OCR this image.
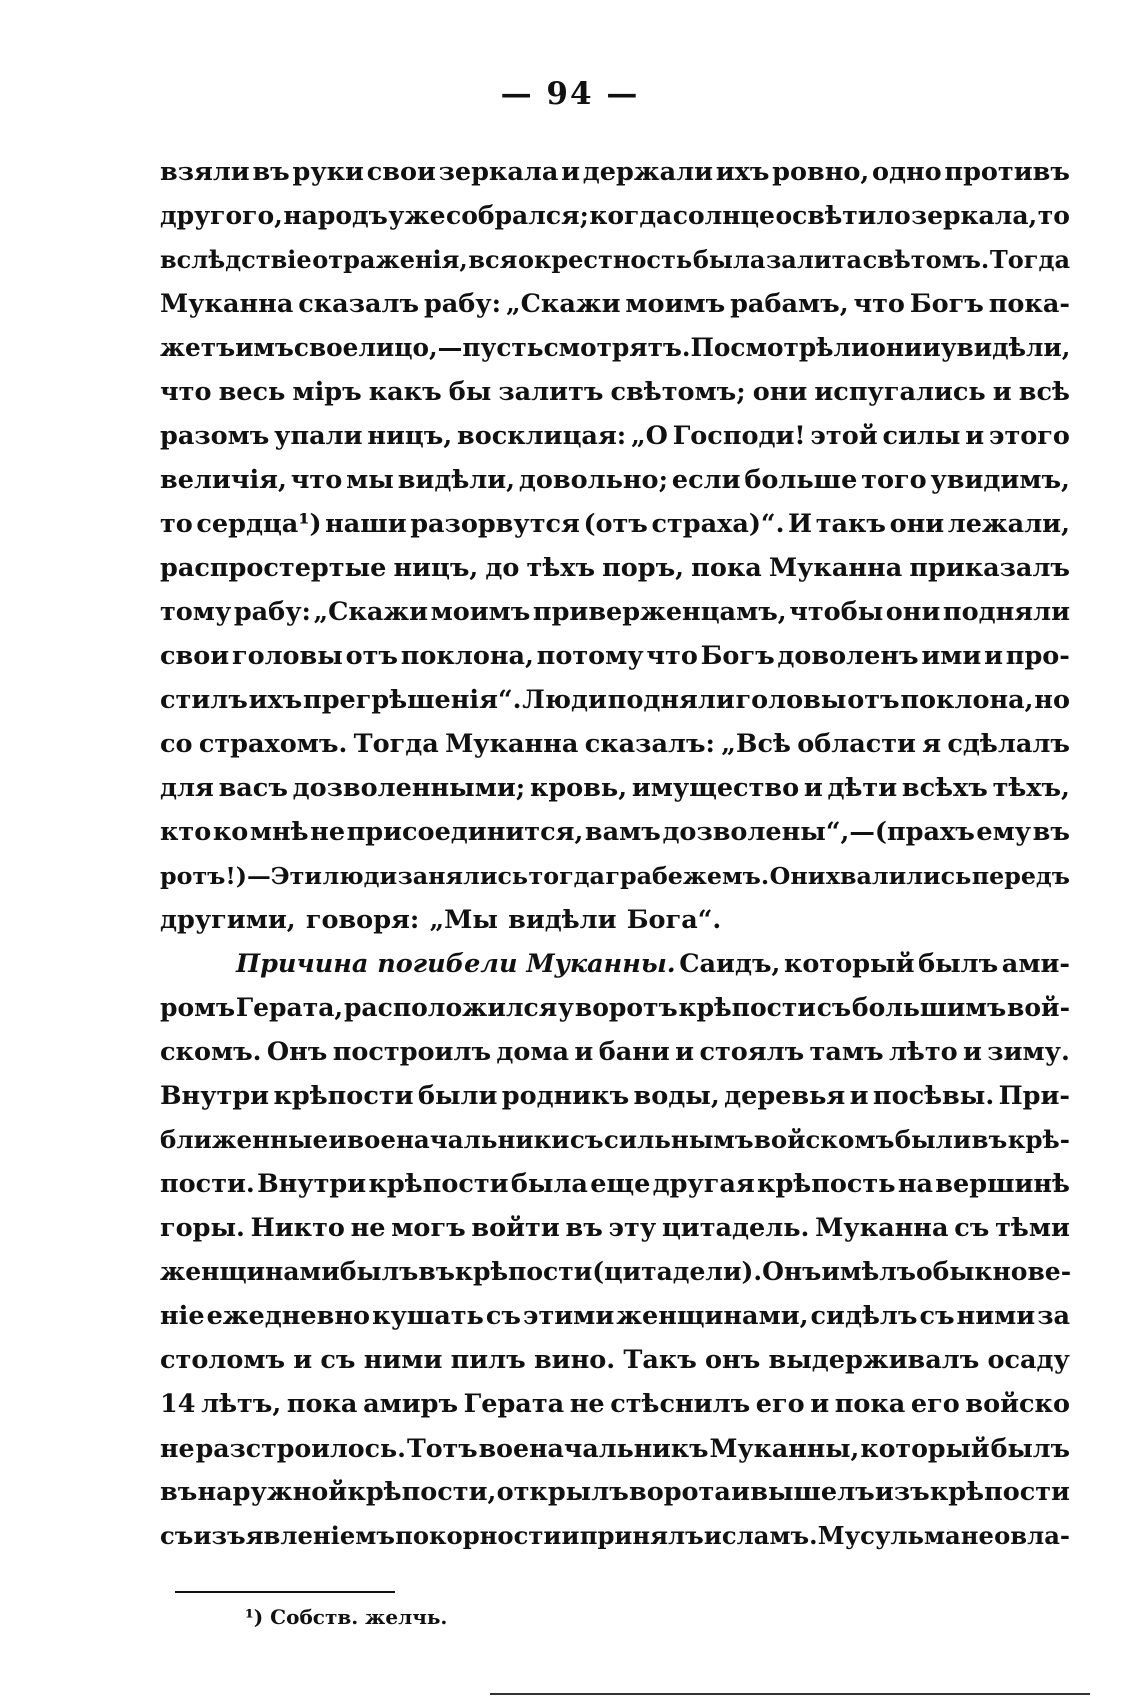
— 94 —
взяли въ руки свои зеркала и держали ихъ ровно, одно противъ
другого, народъ уже собрался; когда солнце освѣтило зеркала, то
вслѣдствіе отраженія, вся окрестность была залита свѣтомъ. Тогда
Муканна сказалъ рабу: „Скажи моимъ рабамъ, что Богъ пока-
жетъ имъ свое лицо,—пусть смотрятъ. Посмотрѣли они и увидѣли,
что весь міръ какъ бы залитъ свѣтомъ; они испугались и всѣ
разомъ упали ницъ, восклицая: „О Господи! этой силы и этого
величія, что мы видѣли, довольно; если больше того увидимъ,
то сердца¹) наши разорвутся (отъ страха)“. И такъ они лежали,
распростертые ницъ, до тѣхъ поръ, пока Муканна приказалъ
тому рабу: „Скажи моимъ приверженцамъ, чтобы они подняли
свои головы отъ поклона, потому что Богъ доволенъ ими и про-
стилъ ихъ прегрѣшенія“. Люди подняли головы отъ поклона, но
со страхомъ. Тогда Муканна сказалъ: „Всѣ области я сдѣлалъ
для васъ дозволенными; кровь, имущество и дѣти всѣхъ тѣхъ,
кто ко мнѣ не присоединится, вамъ дозволены“,—(прахъ ему въ
ротъ!)—Эти люди занялись тогда грабежемъ. Они хвалились передъ
другими, говоря: „Мы видѣли Бога“.
Причина погибели Муканны. Саидъ, который былъ ами-
ромъ Герата, расположился у воротъ крѣпости съ большимъ вой-
скомъ. Онъ построилъ дома и бани и стоялъ тамъ лѣто и зиму.
Внутри крѣпости были родникъ воды, деревья и посѣвы. При-
ближенные и военачальники съ сильнымъ войскомъ были въ крѣ-
пости. Внутри крѣпости была еще другая крѣпость на вершинѣ
горы. Никто не могъ войти въ эту цитадель. Муканна съ тѣми
женщинами былъ въ крѣпости (цитадели). Онъ имѣлъ обыкнове-
ніе ежедневно кушать съ этими женщинами, сидѣлъ съ ними за
столомъ и съ ними пилъ вино. Такъ онъ выдерживалъ осаду
14 лѣтъ, пока амиръ Герата не стѣснилъ его и пока его войско
не разстроилось. Тотъ военачальникъ Муканны, который былъ
въ наружной крѣпости, открылъ ворота и вышелъ изъ крѣпости
съ изъявленіемъ покорности и принялъ исламъ. Мусульмане овла-
¹) Собств. желчь.
